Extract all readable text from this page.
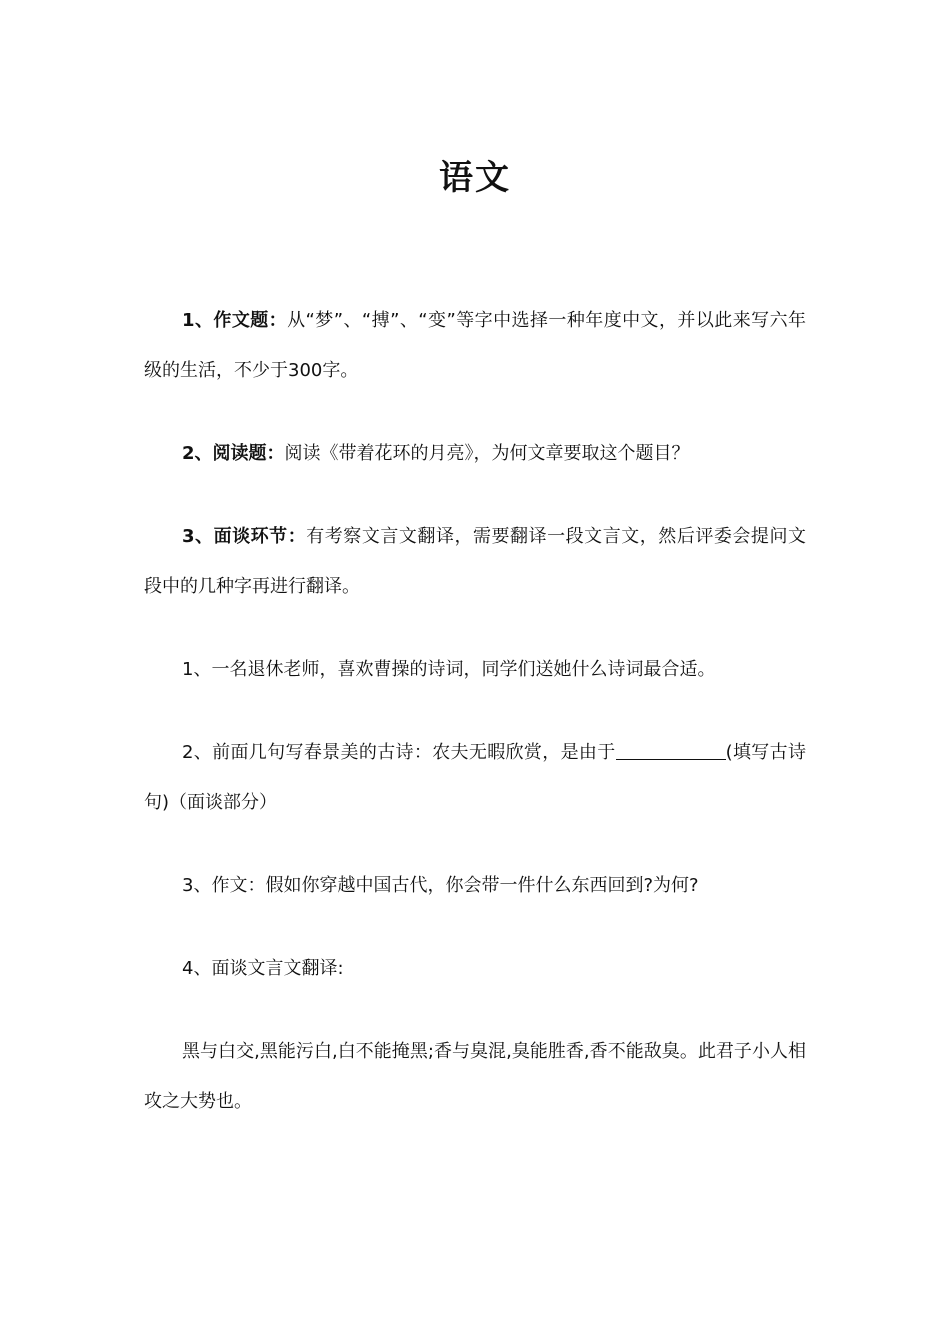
语文

1、作文题：从“梦”、“搏”、“变”等字中选择一种年度中文，并以此来写六年级的生活，不少于300字。

2、阅读题：阅读《带着花环的月亮》，为何文章要取这个题目？

3、面谈环节：有考察文言文翻译，需要翻译一段文言文，然后评委会提问文段中的几种字再进行翻译。

1、一名退休老师，喜欢曹操的诗词，同学们送她什么诗词最合适。

2、前面几句写春景美的古诗：农夫无暇欣赏，是由于	(填写古诗句)（面谈部分）

3、作文：假如你穿越中国古代，你会带一件什么东西回到?为何?

4、面谈文言文翻译:

黑与白交,黑能污白,白不能掩黑;香与臭混,臭能胜香,香不能敌臭。此君子小人相攻之大势也。
